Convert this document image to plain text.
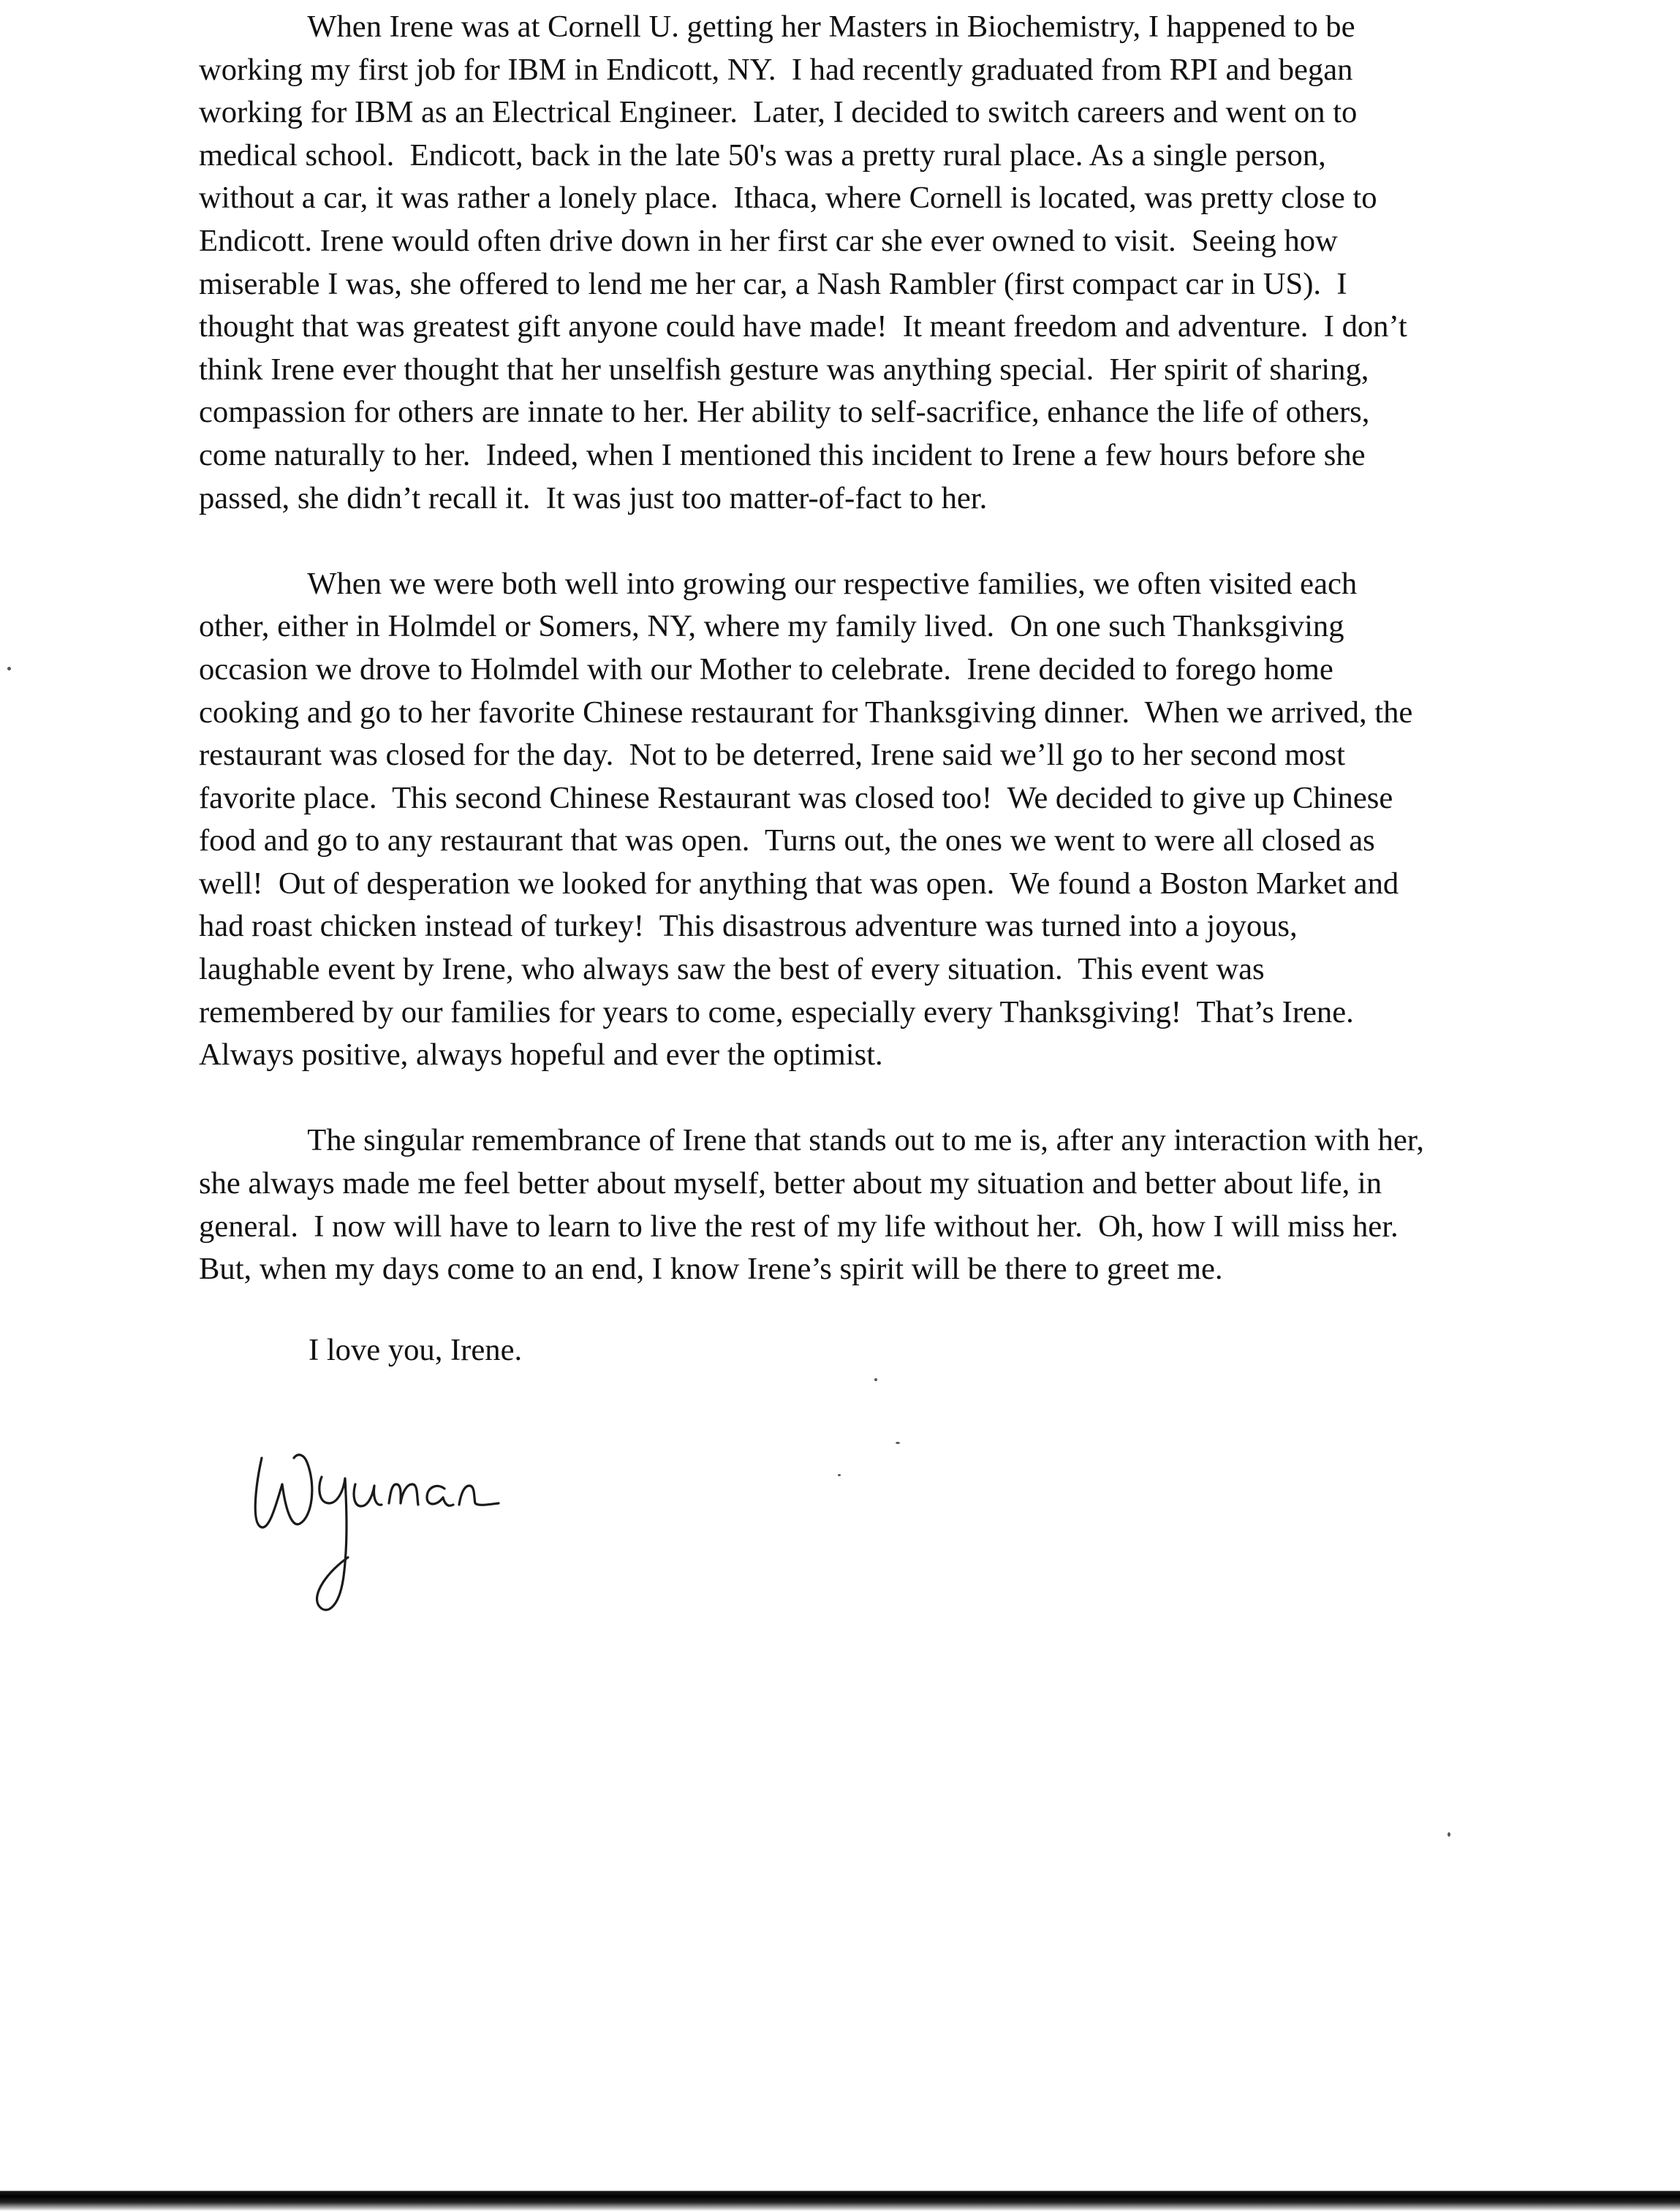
When Irene was at Cornell U. getting her Masters in Biochemistry, I happened to be
working my first job for IBM in Endicott, NY.  I had recently graduated from RPI and began
working for IBM as an Electrical Engineer.  Later, I decided to switch careers and went on to
medical school.  Endicott, back in the late 50's was a pretty rural place. As a single person,
without a car, it was rather a lonely place.  Ithaca, where Cornell is located, was pretty close to
Endicott. Irene would often drive down in her first car she ever owned to visit.  Seeing how
miserable I was, she offered to lend me her car, a Nash Rambler (first compact car in US).  I
thought that was greatest gift anyone could have made!  It meant freedom and adventure.  I don’t
think Irene ever thought that her unselfish gesture was anything special.  Her spirit of sharing,
compassion for others are innate to her. Her ability to self-sacrifice, enhance the life of others,
come naturally to her.  Indeed, when I mentioned this incident to Irene a few hours before she
passed, she didn’t recall it.  It was just too matter-of-fact to her.
When we were both well into growing our respective families, we often visited each
other, either in Holmdel or Somers, NY, where my family lived.  On one such Thanksgiving
occasion we drove to Holmdel with our Mother to celebrate.  Irene decided to forego home
cooking and go to her favorite Chinese restaurant for Thanksgiving dinner.  When we arrived, the
restaurant was closed for the day.  Not to be deterred, Irene said we’ll go to her second most
favorite place.  This second Chinese Restaurant was closed too!  We decided to give up Chinese
food and go to any restaurant that was open.  Turns out, the ones we went to were all closed as
well!  Out of desperation we looked for anything that was open.  We found a Boston Market and
had roast chicken instead of turkey!  This disastrous adventure was turned into a joyous,
laughable event by Irene, who always saw the best of every situation.  This event was
remembered by our families for years to come, especially every Thanksgiving!  That’s Irene.
Always positive, always hopeful and ever the optimist.
The singular remembrance of Irene that stands out to me is, after any interaction with her,
she always made me feel better about myself, better about my situation and better about life, in
general.  I now will have to learn to live the rest of my life without her.  Oh, how I will miss her.
But, when my days come to an end, I know Irene’s spirit will be there to greet me.
I love you, Irene.
